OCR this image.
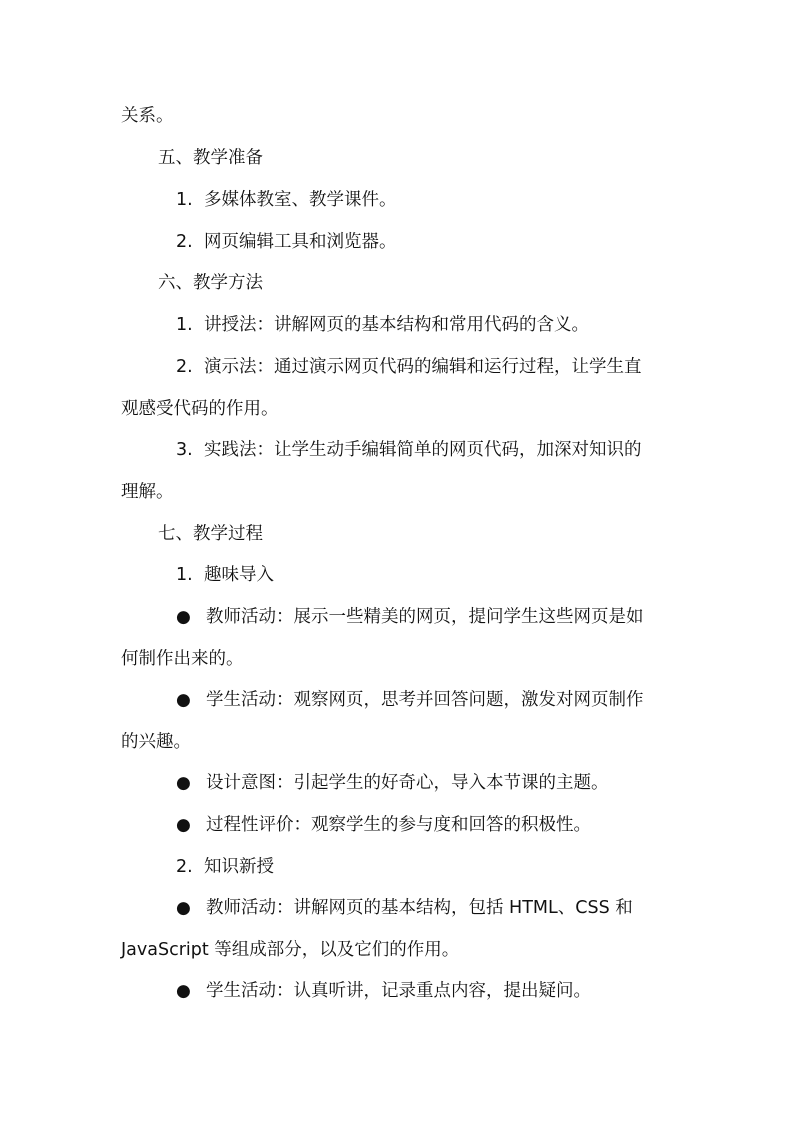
关系。
五、教学准备
1. 多媒体教室、教学课件。
2. 网页编辑工具和浏览器。
六、教学方法
1. 讲授法：讲解网页的基本结构和常用代码的含义。
2. 演示法：通过演示网页代码的编辑和运行过程，让学生直
观感受代码的作用。
3. 实践法：让学生动手编辑简单的网页代码，加深对知识的
理解。
七、教学过程
1. 趣味导入
● 教师活动：展示一些精美的网页，提问学生这些网页是如
何制作出来的。
● 学生活动：观察网页，思考并回答问题，激发对网页制作
的兴趣。
● 设计意图：引起学生的好奇心，导入本节课的主题。
● 过程性评价：观察学生的参与度和回答的积极性。
2. 知识新授
● 教师活动：讲解网页的基本结构，包括 HTML、CSS 和
JavaScript 等组成部分，以及它们的作用。
● 学生活动：认真听讲，记录重点内容，提出疑问。
